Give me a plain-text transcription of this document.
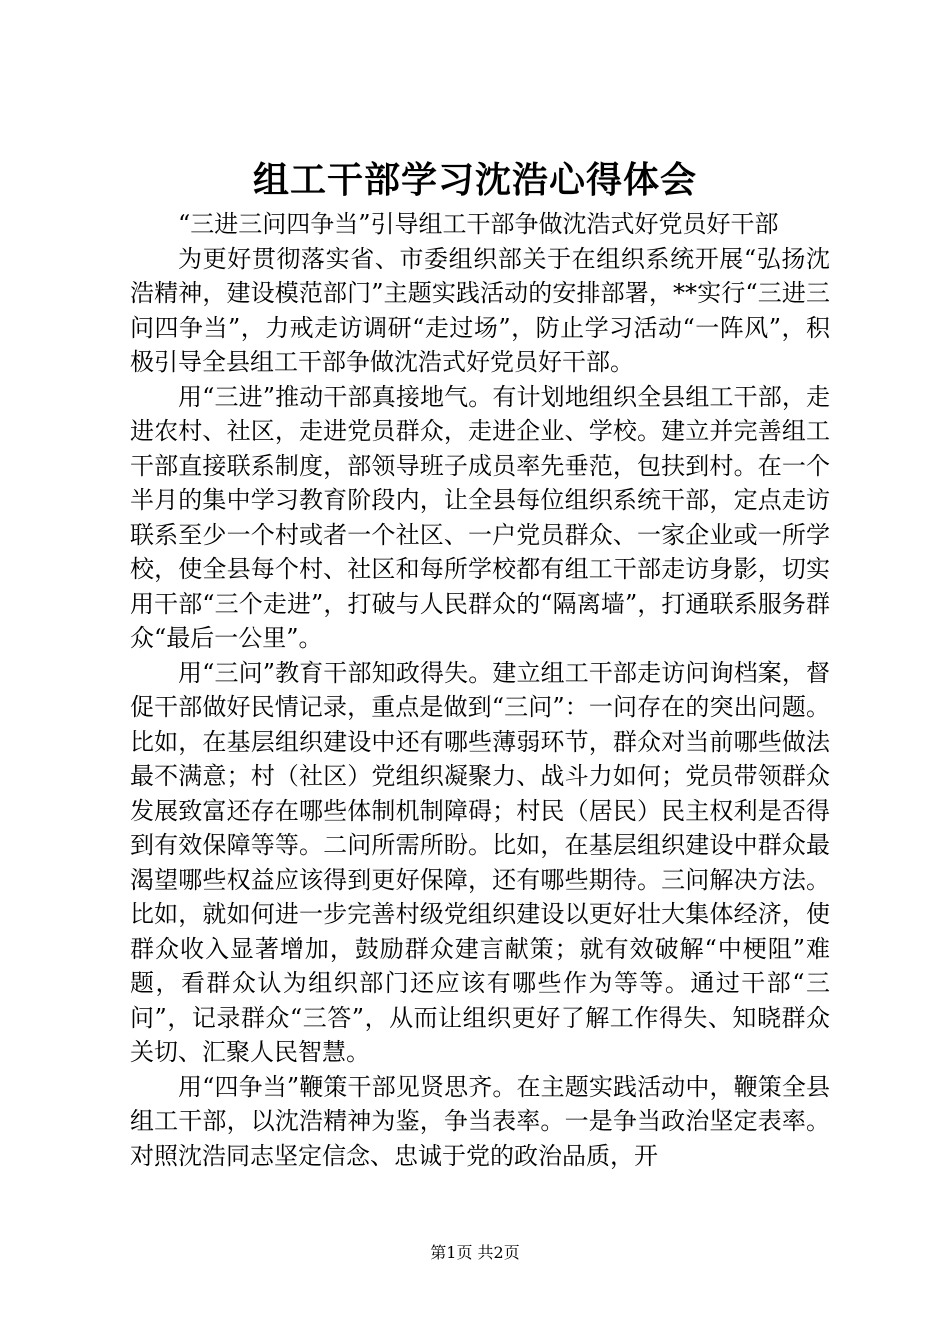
组工干部学习沈浩心得体会

“三进三问四争当”引导组工干部争做沈浩式好党员好干部

为更好贯彻落实省、市委组织部关于在组织系统开展“弘扬沈浩精神，建设模范部门”主题实践活动的安排部署，**实行“三进三问四争当”，力戒走访调研“走过场”，防止学习活动“一阵风”，积极引导全县组工干部争做沈浩式好党员好干部。

用“三进”推动干部真接地气。有计划地组织全县组工干部，走进农村、社区，走进党员群众，走进企业、学校。建立并完善组工干部直接联系制度，部领导班子成员率先垂范，包扶到村。在一个半月的集中学习教育阶段内，让全县每位组织系统干部，定点走访联系至少一个村或者一个社区、一户党员群众、一家企业或一所学校，使全县每个村、社区和每所学校都有组工干部走访身影，切实用干部“三个走进”，打破与人民群众的“隔离墙”，打通联系服务群众“最后一公里”。

用“三问”教育干部知政得失。建立组工干部走访问询档案，督促干部做好民情记录，重点是做到“三问”：一问存在的突出问题。比如，在基层组织建设中还有哪些薄弱环节，群众对当前哪些做法最不满意；村（社区）党组织凝聚力、战斗力如何；党员带领群众发展致富还存在哪些体制机制障碍；村民（居民）民主权利是否得到有效保障等等。二问所需所盼。比如，在基层组织建设中群众最渴望哪些权益应该得到更好保障，还有哪些期待。三问解决方法。比如，就如何进一步完善村级党组织建设以更好壮大集体经济，使群众收入显著增加，鼓励群众建言献策；就有效破解“中梗阻”难题，看群众认为组织部门还应该有哪些作为等等。通过干部“三问”，记录群众“三答”，从而让组织更好了解工作得失、知晓群众关切、汇聚人民智慧。

用“四争当”鞭策干部见贤思齐。在主题实践活动中，鞭策全县组工干部，以沈浩精神为鉴，争当表率。一是争当政治坚定表率。对照沈浩同志坚定信念、忠诚于党的政治品质，开

第1页 共2页
